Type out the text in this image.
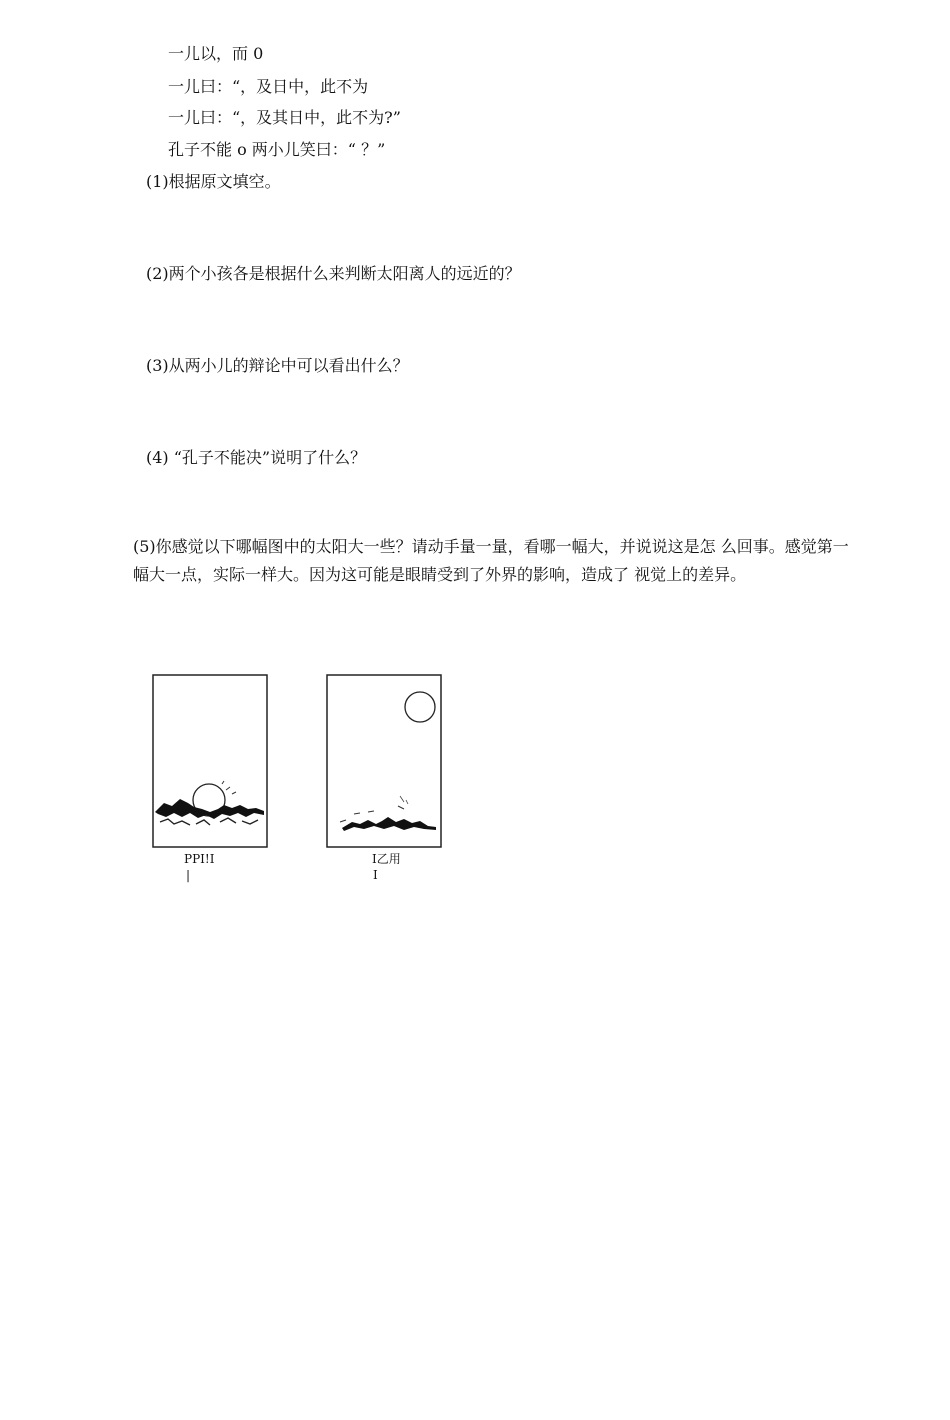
一儿以，而 0
一儿曰：“，及日中，此不为
一儿曰：“，及其日中，此不为?”
孔子不能 o 两小儿笑曰：“ ？”
(1)根据原文填空。
(2)两个小孩各是根据什么来判断太阳离人的远近的？
(3)从两小儿的辩论中可以看出什么？
(4) “孔子不能决”说明了什么？
(5)你感觉以下哪幅图中的太阳大一些？请动手量一量，看哪一幅大，并说说这是怎 么回事。感觉第一幅大一点，实际一样大。因为这可能是眼睛受到了外界的影响，造成了 视觉上的差异。
PPI!I
|
I乙用
I
